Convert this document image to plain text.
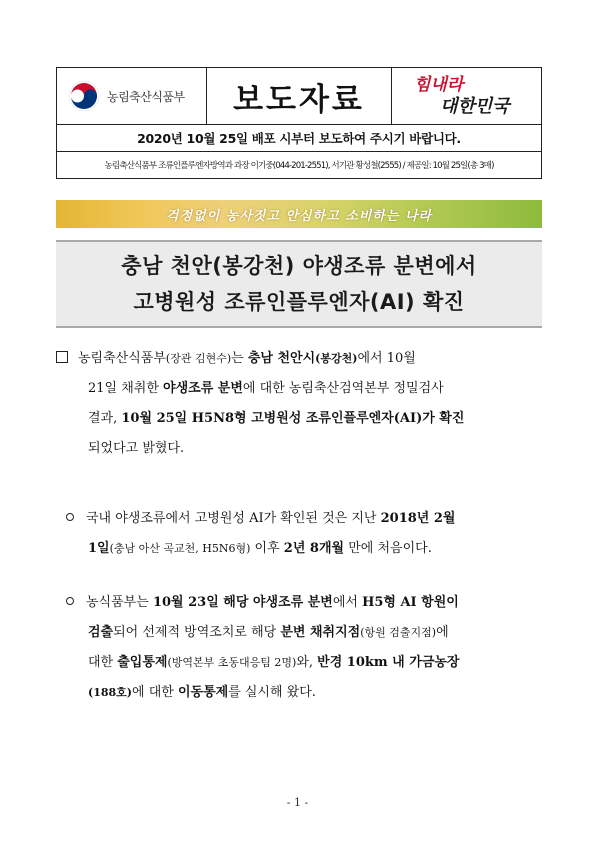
농림축산식품부	보도자료	힘내라
대한민국

2020년 10월 25일 배포 시부터 보도하여 주시기 바랍니다.
농림축산식품부 조류인플루엔자방역과 과장 이기중(044-201-2551), 서기관 황성철(2555) / 제공일: 10월 25일(총 3매)
걱정없이 농사짓고 안심하고 소비하는 나라
충남 천안(봉강천) 야생조류 분변에서
고병원성 조류인플루엔자(AI) 확진
농림축산식품부(장관 김현수)는 충남 천안시(봉강천)에서 10월
21일 채취한 야생조류 분변에 대한 농림축산검역본부 정밀검사
결과, 10월 25일 H5N8형 고병원성 조류인플루엔자(AI)가 확진
되었다고 밝혔다.
국내 야생조류에서 고병원성 AI가 확인된 것은 지난 2018년 2월
1일(충남 아산 곡교천, H5N6형) 이후 2년 8개월 만에 처음이다.
농식품부는 10월 23일 해당 야생조류 분변에서 H5형 AI 항원이
검출되어 선제적 방역조치로 해당 분변 채취지점(항원 검출지점)에
대한 출입통제(방역본부 초동대응팀 2명)와, 반경 10km 내 가금농장
(188호)에 대한 이동통제를 실시해 왔다.
- 1 -
